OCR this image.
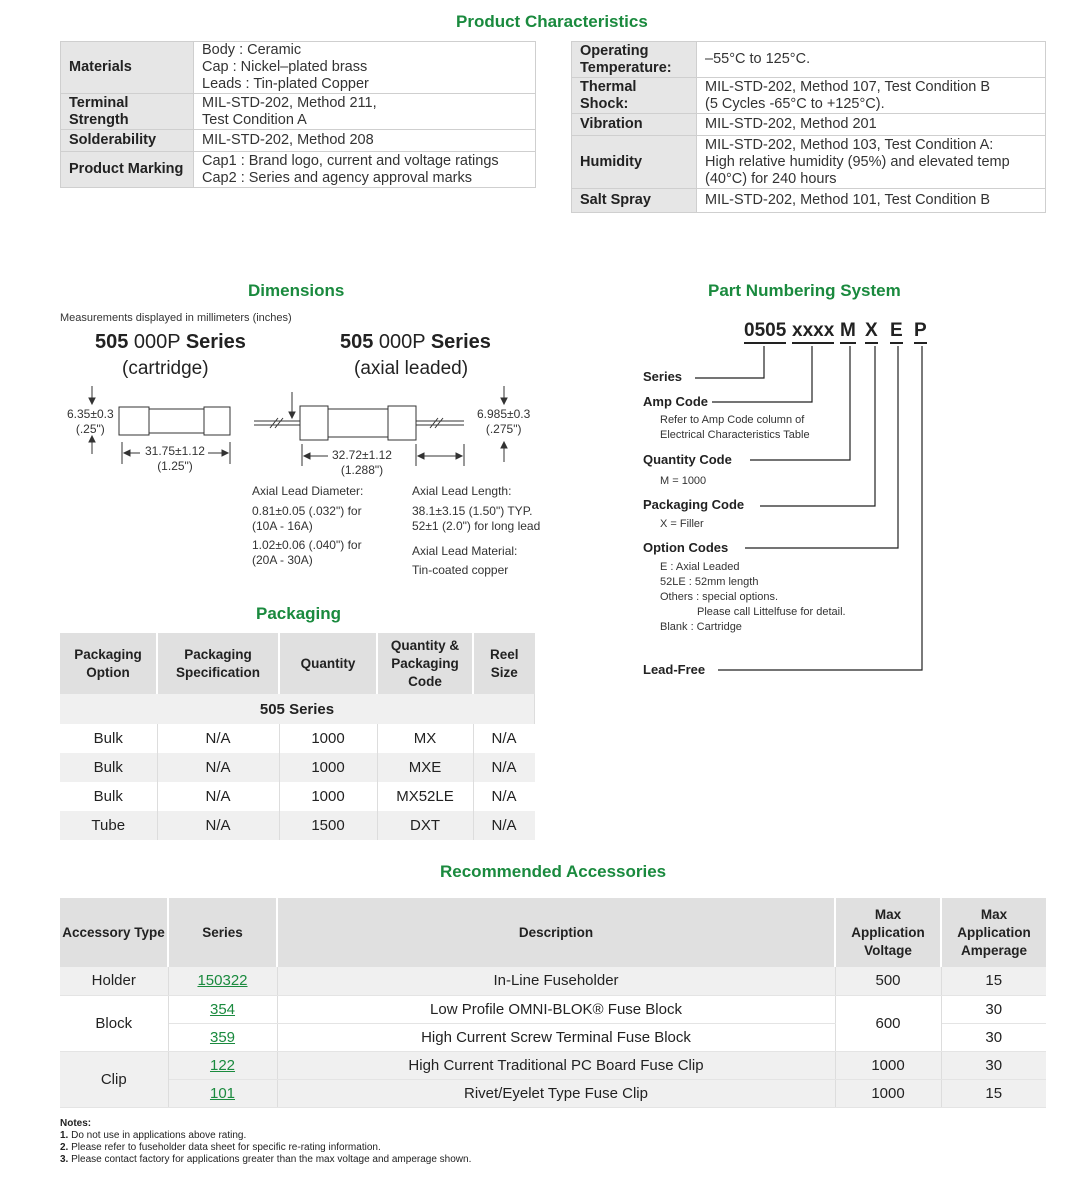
Product Characteristics
Materials	Body : Ceramic
Cap : Nickel–plated brass
Leads : Tin-plated Copper

Terminal Strength	MIL-STD-202, Method 211,
Test Condition A

Solderability	MIL-STD-202, Method 208
Product Marking	Cap1 : Brand logo, current and voltage ratings
Cap2 : Series and agency approval marks
Operating Temperature:	–55°C to 125°C.
Thermal Shock:	MIL-STD-202, Method 107, Test Condition B
(5 Cycles -65°C to +125°C).

Vibration	MIL-STD-202, Method 201
Humidity	MIL-STD-202, Method 103, Test Condition A:
High relative humidity (95%) and elevated temp
(40°C) for 240 hours

Salt Spray	MIL-STD-202, Method 101, Test Condition B
Dimensions
Measurements displayed in millimeters (inches)
505 000P Series
(cartridge)
505 000P Series
(axial leaded)
6.35±0.3
(.25")
31.75±1.12
(1.25")
6.985±0.3
(.275")
32.72±1.12
(1.288")
Axial Lead Diameter:
0.81±0.05 (.032") for
(10A - 16A)
1.02±0.06 (.040") for
(20A - 30A)
Axial Lead Length:
38.1±3.15 (1.50") TYP.
52±1 (2.0") for long lead
Axial Lead Material:
Tin-coated copper
Part Numbering System
0505 xxxx M X E P
Series
Amp Code
Refer to Amp Code column of
Electrical Characteristics Table
Quantity Code
M = 1000
Packaging Code
X = Filler
Option Codes
E : Axial Leaded
52LE : 52mm length
Others : special options.
Please call Littelfuse for detail.
Blank : Cartridge
Lead-Free
Packaging
Packaging Option	Packaging Specification	Quantity	Quantity & Packaging Code	Reel Size
505 Series				
Bulk	N/A	1000	MX	N/A
Bulk	N/A	1000	MXE	N/A
Bulk	N/A	1000	MX52LE	N/A
Tube	N/A	1500	DXT	N/A
Recommended Accessories
Accessory Type	Series	Description	Max Application Voltage	Max Application Amperage
Holder	150322	In-Line Fuseholder	500	15
Block	354	Low Profile OMNI-BLOK® Fuse Block	600	30
	359	High Current Screw Terminal Fuse Block		30
Clip	122	High Current Traditional PC Board Fuse Clip	1000	30
	101	Rivet/Eyelet Type Fuse Clip	1000	15
Notes:
1. Do not use in applications above rating.
2. Please refer to fuseholder data sheet for specific re-rating information.
3. Please contact factory for applications greater than the max voltage and amperage shown.
